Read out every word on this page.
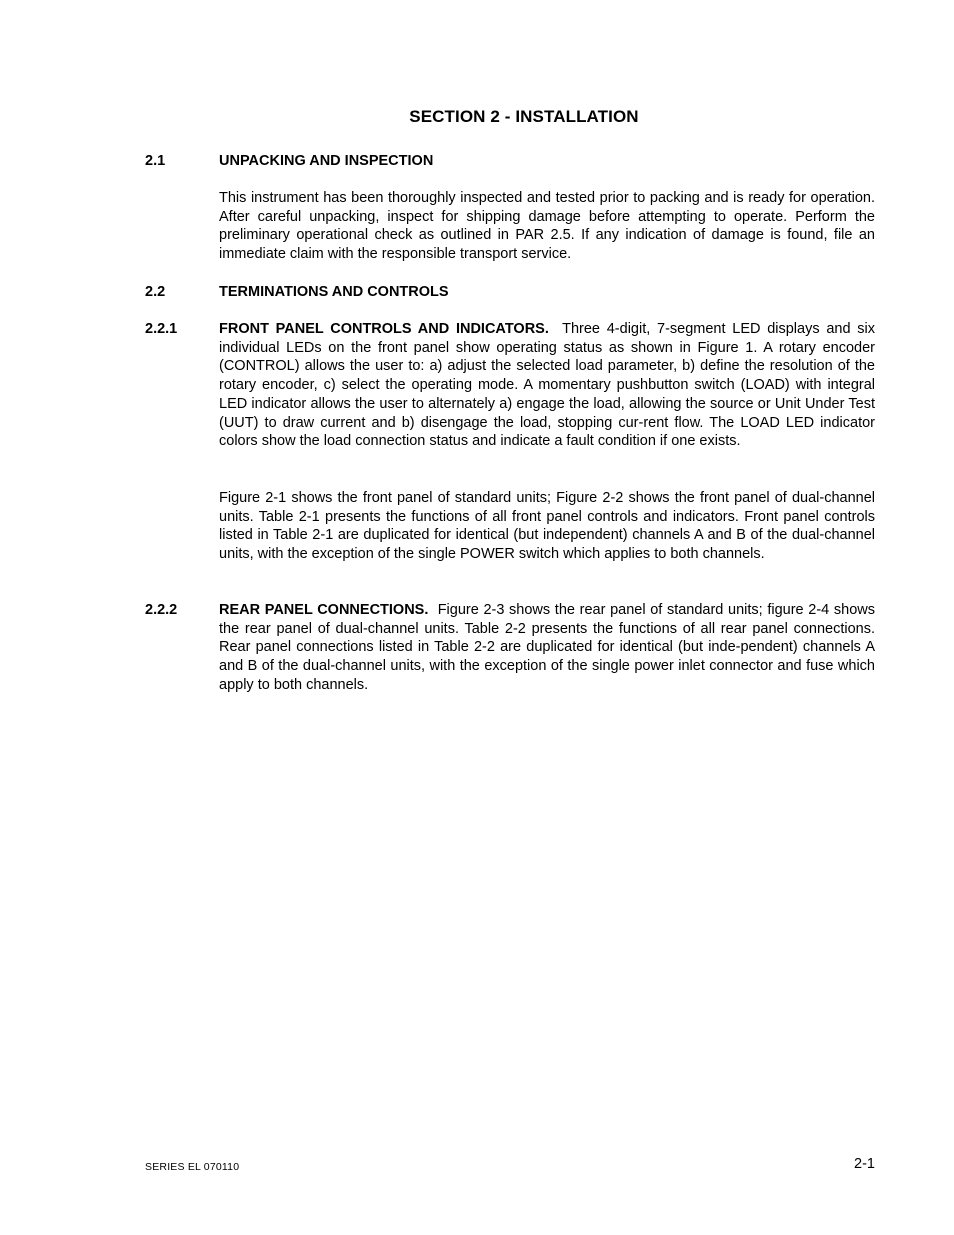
SECTION 2 - INSTALLATION
2.1	UNPACKING AND INSPECTION
This instrument has been thoroughly inspected and tested prior to packing and is ready for operation. After careful unpacking, inspect for shipping damage before attempting to operate. Perform the preliminary operational check as outlined in PAR 2.5. If any indication of damage is found, file an immediate claim with the responsible transport service.
2.2	TERMINATIONS AND CONTROLS
2.2.1	FRONT PANEL CONTROLS AND INDICATORS. Three 4-digit, 7-segment LED displays and six individual LEDs on the front panel show operating status as shown in Figure 1. A rotary encoder (CONTROL) allows the user to: a) adjust the selected load parameter, b) define the resolution of the rotary encoder, c) select the operating mode. A momentary pushbutton switch (LOAD) with integral LED indicator allows the user to alternately a) engage the load, allowing the source or Unit Under Test (UUT) to draw current and b) disengage the load, stopping cur-rent flow. The LOAD LED indicator colors show the load connection status and indicate a fault condition if one exists.
Figure 2-1 shows the front panel of standard units; Figure 2-2 shows the front panel of dual-channel units. Table 2-1 presents the functions of all front panel controls and indicators. Front panel controls listed in Table 2-1 are duplicated for identical (but independent) channels A and B of the dual-channel units, with the exception of the single POWER switch which applies to both channels.
2.2.2	REAR PANEL CONNECTIONS. Figure 2-3 shows the rear panel of standard units; figure 2-4 shows the rear panel of dual-channel units. Table 2-2 presents the functions of all rear panel connections. Rear panel connections listed in Table 2-2 are duplicated for identical (but inde-pendent) channels A and B of the dual-channel units, with the exception of the single power inlet connector and fuse which apply to both channels.
SERIES EL 070110	2-1
